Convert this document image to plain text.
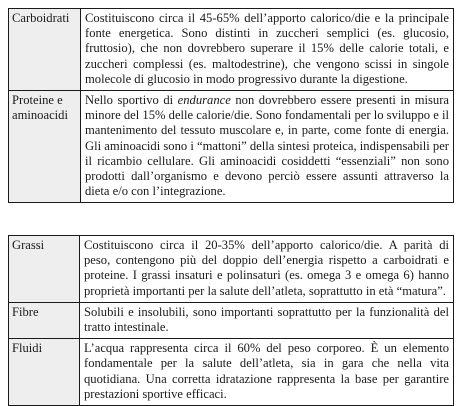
Carboidrati	Costituiscono circa il 45-65% dell’apporto calorico/die e la principale fonte energetica. Sono distinti in zuccheri semplici (es. glucosio, fruttosio), che non dovrebbero superare il 15% delle calorie totali, e zuccheri complessi (es. maltodestrine), che vengono scissi in singole molecole di glucosio in modo progressivo durante la digestione.
Proteine e aminoacidi	Nello sportivo di endurance non dovrebbero essere presenti in misura minore del 15% delle calorie/die. Sono fondamentali per lo sviluppo e il mantenimento del tessuto muscolare e, in parte, come fonte di energia. Gli aminoacidi sono i “mattoni” della sintesi proteica, indispensabili per il ricambio cellulare. Gli aminoacidi cosiddetti “essenziali” non sono prodotti dall’organismo e devono perciò essere assunti attraverso la dieta e/o con l’integrazione.
Grassi	Costituiscono circa il 20-35% dell’apporto calorico/die. A parità di peso, contengono più del doppio dell’energia rispetto a carboidrati e proteine. I grassi insaturi e polinsaturi (es. omega 3 e omega 6) hanno proprietà importanti per la salute dell’atleta, soprattutto in età “matura”.
Fibre	Solubili e insolubili, sono importanti soprattutto per la funzionalità del tratto intestinale.
Fluidi	L’acqua rappresenta circa il 60% del peso corporeo. È un elemento fondamentale per la salute dell’atleta, sia in gara che nella vita quotidiana. Una corretta idratazione rappresenta la base per garantire prestazioni sportive efficaci.
